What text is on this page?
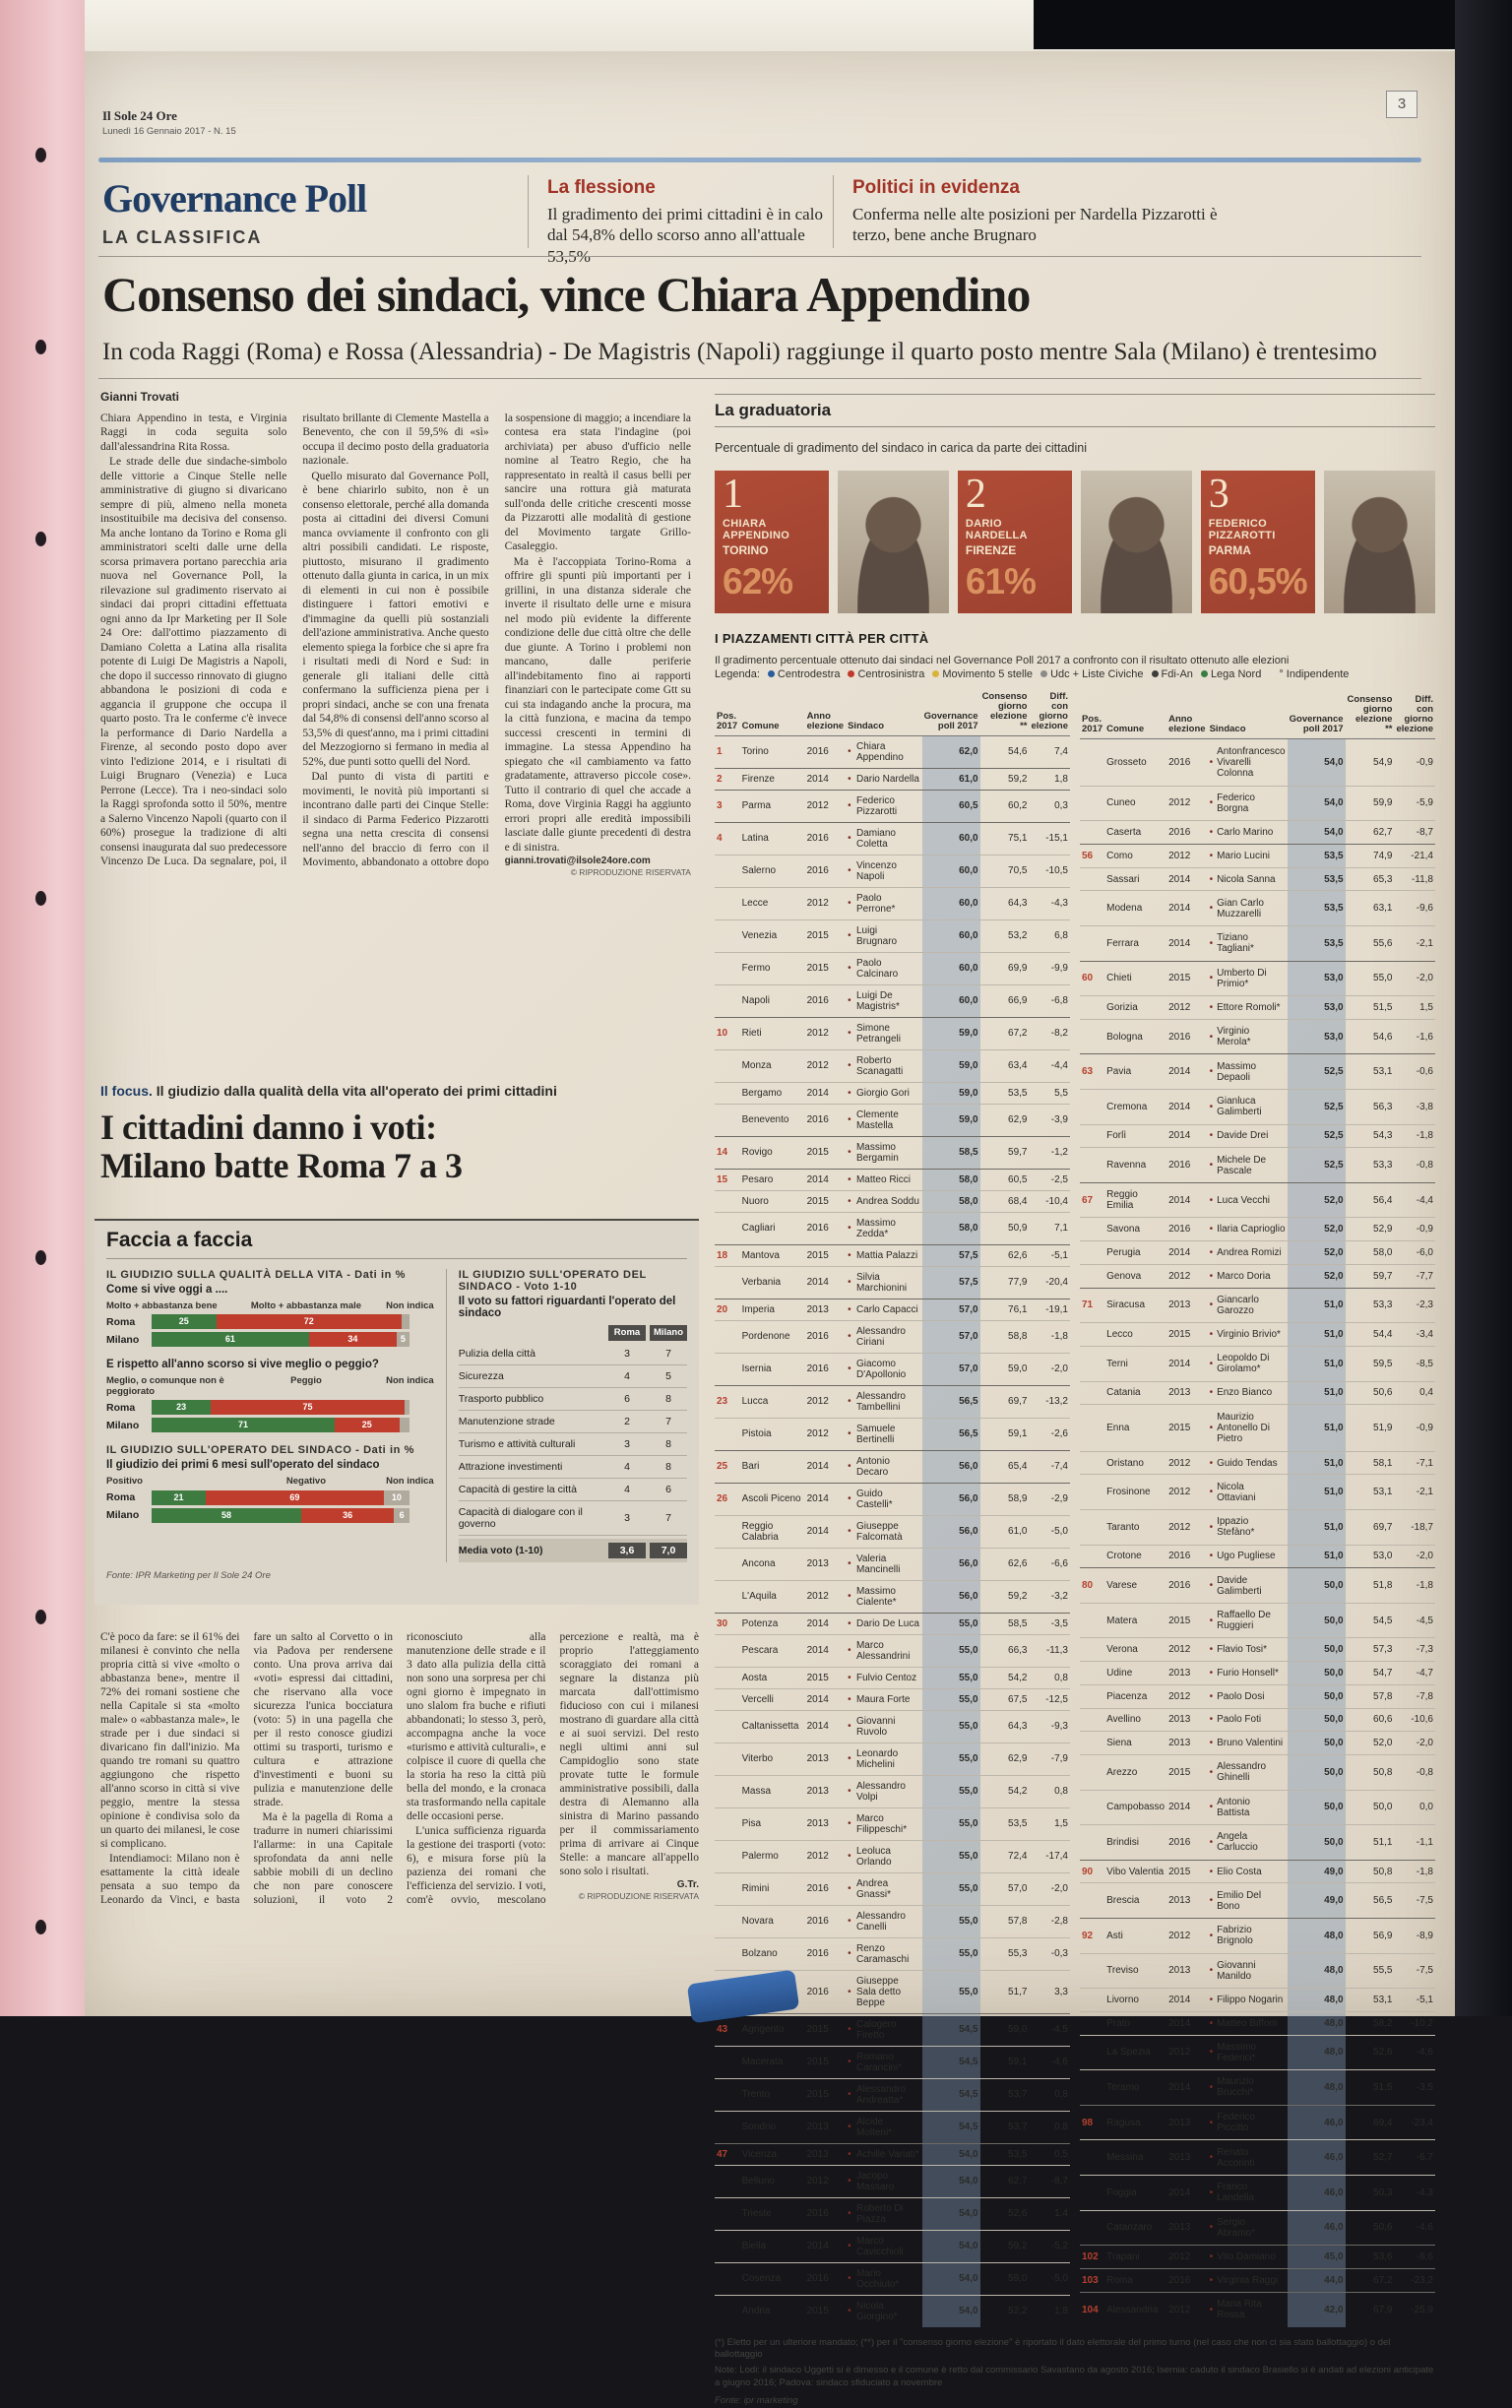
Il Sole 24 Ore
Lunedì 16 Gennaio 2017 - N. 15
3
Governance Poll
LA CLASSIFICA
La flessione
Il gradimento dei primi cittadini è in calo dal 54,8% dello scorso anno all'attuale 53,5%
Politici in evidenza
Conferma nelle alte posizioni per Nardella Pizzarotti è terzo, bene anche Brugnaro
Consenso dei sindaci, vince Chiara Appendino
In coda Raggi (Roma) e Rossa (Alessandria) - De Magistris (Napoli) raggiunge il quarto posto mentre Sala (Milano) è trentesimo
Gianni Trovati

Chiara Appendino in testa, e Virginia Raggi in coda seguita solo dall'alessandrina Rita Rossa.

Le strade delle due sindache-simbolo delle vittorie a Cinque Stelle nelle amministrative di giugno si divaricano sempre di più, almeno nella moneta insostituibile ma decisiva del consenso. Ma anche lontano da Torino e Roma gli amministratori scelti dalle urne della scorsa primavera portano parecchia aria nuova nel Governance Poll, la rilevazione sul gradimento riservato ai sindaci dai propri cittadini effettuata ogni anno da Ipr Marketing per Il Sole 24 Ore: dall'ottimo piazzamento di Damiano Coletta a Latina alla risalita potente di Luigi De Magistris a Napoli, che dopo il successo rinnovato di giugno abbandona le posizioni di coda e aggancia il gruppone che occupa il quarto posto. Tra le conferme c'è invece la performance di Dario Nardella a Firenze, al secondo posto dopo aver vinto l'edizione 2014, e i risultati di Luigi Brugnaro (Venezia) e Luca Perrone (Lecce). Tra i neo-sindaci solo la Raggi sprofonda sotto il 50%, mentre a Salerno Vincenzo Napoli (quarto con il 60%) prosegue la tradizione di alti consensi inaugurata dal suo predecessore Vincenzo De Luca. Da segnalare, poi, il risultato brillante di Clemente Mastella a Benevento, che con il 59,5% di «sì» occupa il decimo posto della graduatoria nazionale.

Quello misurato dal Governance Poll, è bene chiarirlo subito, non è un consenso elettorale, perché alla domanda posta ai cittadini dei diversi Comuni manca ovviamente il confronto con gli altri possibili candidati. Le risposte, piuttosto, misurano il gradimento ottenuto dalla giunta in carica, in un mix di elementi in cui non è possibile distinguere i fattori emotivi e d'immagine da quelli più sostanziali dell'azione amministrativa. Anche questo elemento spiega la forbice che si apre fra i risultati medi di Nord e Sud: in generale gli italiani delle città confermano la sufficienza piena per i propri sindaci, anche se con una frenata dal 54,8% di consensi dell'anno scorso al 53,5% di quest'anno, ma i primi cittadini del Mezzogiorno si fermano in media al 52%, due punti sotto quelli del Nord.

Dal punto di vista di partiti e movimenti, le novità più importanti si incontrano dalle parti dei Cinque Stelle: il sindaco di Parma Federico Pizzarotti segna una netta crescita di consensi nell'anno del braccio di ferro con il Movimento, abbandonato a ottobre dopo la sospensione di maggio; a incendiare la contesa era stata l'indagine (poi archiviata) per abuso d'ufficio nelle nomine al Teatro Regio, che ha rappresentato in realtà il casus belli per sancire una rottura già maturata sull'onda delle critiche crescenti mosse da Pizzarotti alle modalità di gestione del Movimento targate Grillo-Casaleggio.

Ma è l'accoppiata Torino-Roma a offrire gli spunti più importanti per i grillini, in una distanza siderale che inverte il risultato delle urne e misura nel modo più evidente la differente condizione delle due città oltre che delle due giunte. A Torino i problemi non mancano, dalle periferie all'indebitamento fino ai rapporti finanziari con le partecipate come Gtt su cui sta indagando anche la procura, ma la città funziona, e macina da tempo successi crescenti in termini di immagine. La stessa Appendino ha spiegato che «il cambiamento va fatto gradatamente, attraverso piccole cose». Tutto il contrario di quel che accade a Roma, dove Virginia Raggi ha aggiunto errori propri alle eredità impossibili lasciate dalle giunte precedenti di destra e di sinistra.

gianni.trovati@ilsole24ore.com

© RIPRODUZIONE RISERVATA

La graduatoria
Percentuale di gradimento del sindaco in carica da parte dei cittadini
1
CHIARA
APPENDINO
TORINO
62%
2
DARIO
NARDELLA
FIRENZE
61%
3
FEDERICO
PIZZAROTTI
PARMA
60,5%
I PIAZZAMENTI CITTÀ PER CITTÀ
Il gradimento percentuale ottenuto dai sindaci nel Governance Poll 2017 a confronto con il risultato ottenuto alle elezioni
Legenda: Centrodestra Centrosinistra Movimento 5 stelle Udc + Liste Civiche Fdi-An Lega Nord ° Indipendente
Pos. 2017	Comune	Anno elezione	Sindaco		Governance poll 2017	Consenso giorno elezione **	Diff. con giorno elezione
1	Torino	2016	•	Chiara Appendino	62,0	54,6	7,4
2	Firenze	2014	•	Dario Nardella	61,0	59,2	1,8
3	Parma	2012	•	Federico Pizzarotti	60,5	60,2	0,3
4	Latina	2016	•	Damiano Coletta	60,0	75,1	-15,1
	Salerno	2016	•	Vincenzo Napoli	60,0	70,5	-10,5
	Lecce	2012	•	Paolo Perrone*	60,0	64,3	-4,3
	Venezia	2015	•	Luigi Brugnaro	60,0	53,2	6,8
	Fermo	2015	•	Paolo Calcinaro	60,0	69,9	-9,9
	Napoli	2016	•	Luigi De Magistris*	60,0	66,9	-6,8
10	Rieti	2012	•	Simone Petrangeli	59,0	67,2	-8,2
	Monza	2012	•	Roberto Scanagatti	59,0	63,4	-4,4
	Bergamo	2014	•	Giorgio Gori	59,0	53,5	5,5
	Benevento	2016	•	Clemente Mastella	59,0	62,9	-3,9
14	Rovigo	2015	•	Massimo Bergamin	58,5	59,7	-1,2
15	Pesaro	2014	•	Matteo Ricci	58,0	60,5	-2,5
	Nuoro	2015	•	Andrea Soddu	58,0	68,4	-10,4
	Cagliari	2016	•	Massimo Zedda*	58,0	50,9	7,1
18	Mantova	2015	•	Mattia Palazzi	57,5	62,6	-5,1
	Verbania	2014	•	Silvia Marchionini	57,5	77,9	-20,4
20	Imperia	2013	•	Carlo Capacci	57,0	76,1	-19,1
	Pordenone	2016	•	Alessandro Ciriani	57,0	58,8	-1,8
	Isernia	2016	•	Giacomo D'Apollonio	57,0	59,0	-2,0
23	Lucca	2012	•	Alessandro Tambellini	56,5	69,7	-13,2
	Pistoia	2012	•	Samuele Bertinelli	56,5	59,1	-2,6
25	Bari	2014	•	Antonio Decaro	56,0	65,4	-7,4
26	Ascoli Piceno	2014	•	Guido Castelli*	56,0	58,9	-2,9
	Reggio Calabria	2014	•	Giuseppe Falcomatà	56,0	61,0	-5,0
	Ancona	2013	•	Valeria Mancinelli	56,0	62,6	-6,6
	L'Aquila	2012	•	Massimo Cialente*	56,0	59,2	-3,2
30	Potenza	2014	•	Dario De Luca	55,0	58,5	-3,5
	Pescara	2014	•	Marco Alessandrini	55,0	66,3	-11,3
	Aosta	2015	•	Fulvio Centoz	55,0	54,2	0,8
	Vercelli	2014	•	Maura Forte	55,0	67,5	-12,5
	Caltanissetta	2014	•	Giovanni Ruvolo	55,0	64,3	-9,3
	Viterbo	2013	•	Leonardo Michelini	55,0	62,9	-7,9
	Massa	2013	•	Alessandro Volpi	55,0	54,2	0,8
	Pisa	2013	•	Marco Filippeschi*	55,0	53,5	1,5
	Palermo	2012	•	Leoluca Orlando	55,0	72,4	-17,4
	Rimini	2016	•	Andrea Gnassi*	55,0	57,0	-2,0
	Novara	2016	•	Alessandro Canelli	55,0	57,8	-2,8
	Bolzano	2016	•	Renzo Caramaschi	55,0	55,3	-0,3
		2016	•	Giuseppe Sala detto Beppe	55,0	51,7	3,3
43	Agrigento	2015	•	Calogero Firetto	54,5	59,0	-4,5
	Macerata	2015	•	Romano Carancini*	54,5	59,1	-4,6
	Trento	2015	•	Alessandro Andreatta*	54,5	53,7	0,8
	Sondrio	2013	•	Alcide Molteni*	54,5	53,7	0,8
47	Vicenza	2013	•	Achille Variati*	54,0	53,5	0,5
	Belluno	2012	•	Jacopo Massaro	54,0	62,7	-8,7
	Trieste	2016	•	Roberto Di Piazza	54,0	52,6	1,4
	Biella	2014	•	Marco Cavicchioli	54,0	59,2	-5,2
	Cosenza	2016	•	Mario Occhiuto*	54,0	59,0	-5,0
	Andria	2015	•	Nicola Giorgino*	54,0	52,2	1,8
Pos. 2017	Comune	Anno elezione	Sindaco		Governance poll 2017	Consenso giorno elezione **	Diff. con giorno elezione
	Grosseto	2016	•	Antonfrancesco Vivarelli Colonna	54,0	54,9	-0,9
	Cuneo	2012	•	Federico Borgna	54,0	59,9	-5,9
	Caserta	2016	•	Carlo Marino	54,0	62,7	-8,7
56	Como	2012	•	Mario Lucini	53,5	74,9	-21,4
	Sassari	2014	•	Nicola Sanna	53,5	65,3	-11,8
	Modena	2014	•	Gian Carlo Muzzarelli	53,5	63,1	-9,6
	Ferrara	2014	•	Tiziano Tagliani*	53,5	55,6	-2,1
60	Chieti	2015	•	Umberto Di Primio*	53,0	55,0	-2,0
	Gorizia	2012	•	Ettore Romoli*	53,0	51,5	1,5
	Bologna	2016	•	Virginio Merola*	53,0	54,6	-1,6
63	Pavia	2014	•	Massimo Depaoli	52,5	53,1	-0,6
	Cremona	2014	•	Gianluca Galimberti	52,5	56,3	-3,8
	Forlì	2014	•	Davide Drei	52,5	54,3	-1,8
	Ravenna	2016	•	Michele De Pascale	52,5	53,3	-0,8
67	Reggio Emilia	2014	•	Luca Vecchi	52,0	56,4	-4,4
	Savona	2016	•	Ilaria Caprioglio	52,0	52,9	-0,9
	Perugia	2014	•	Andrea Romizi	52,0	58,0	-6,0
	Genova	2012	•	Marco Doria	52,0	59,7	-7,7
71	Siracusa	2013	•	Giancarlo Garozzo	51,0	53,3	-2,3
	Lecco	2015	•	Virginio Brivio*	51,0	54,4	-3,4
	Terni	2014	•	Leopoldo Di Girolamo*	51,0	59,5	-8,5
	Catania	2013	•	Enzo Bianco	51,0	50,6	0,4
	Enna	2015	•	Maurizio Antonello Di Pietro	51,0	51,9	-0,9
	Oristano	2012	•	Guido Tendas	51,0	58,1	-7,1
	Frosinone	2012	•	Nicola Ottaviani	51,0	53,1	-2,1
	Taranto	2012	•	Ippazio Stefàno*	51,0	69,7	-18,7
	Crotone	2016	•	Ugo Pugliese	51,0	53,0	-2,0
80	Varese	2016	•	Davide Galimberti	50,0	51,8	-1,8
	Matera	2015	•	Raffaello De Ruggieri	50,0	54,5	-4,5
	Verona	2012	•	Flavio Tosi*	50,0	57,3	-7,3
	Udine	2013	•	Furio Honsell*	50,0	54,7	-4,7
	Piacenza	2012	•	Paolo Dosi	50,0	57,8	-7,8
	Avellino	2013	•	Paolo Foti	50,0	60,6	-10,6
	Siena	2013	•	Bruno Valentini	50,0	52,0	-2,0
	Arezzo	2015	•	Alessandro Ghinelli	50,0	50,8	-0,8
	Campobasso	2014	•	Antonio Battista	50,0	50,0	0,0
	Brindisi	2016	•	Angela Carluccio	50,0	51,1	-1,1
90	Vibo Valentia	2015	•	Elio Costa	49,0	50,8	-1,8
	Brescia	2013	•	Emilio Del Bono	49,0	56,5	-7,5
92	Asti	2012	•	Fabrizio Brignolo	48,0	56,9	-8,9
	Treviso	2013	•	Giovanni Manildo	48,0	55,5	-7,5
	Livorno	2014	•	Filippo Nogarin	48,0	53,1	-5,1
	Prato	2014	•	Matteo Biffoni	48,0	58,2	-10,2
	La Spezia	2012	•	Massimo Federici*	48,0	52,6	-4,6
	Teramo	2014	•	Maurizio Brucchi*	48,0	51,5	-3,5
98	Ragusa	2013	•	Federico Piccitto	46,0	69,4	-23,4
	Messina	2013	•	Renato Accorinti	46,0	52,7	-6,7
	Foggia	2014	•	Franco Landella	46,0	50,3	-4,3
	Catanzaro	2013	•	Sergio Abramo*	46,0	50,6	-4,6
102	Trapani	2012	•	Vito Damiano	45,0	53,6	-8,6
103	Roma	2016	•	Virginia Raggi	44,0	67,2	-23,2
104	Alessandria	2012	•	Maria Rita Rossa	42,0	67,9	-25,9
(*) Eletto per un ulteriore mandato; (**) per il "consenso giorno elezione" è riportato il dato elettorale del primo turno (nel caso che non ci sia stato ballottaggio) o del ballottaggio
Note: Lodi: il sindaco Uggetti si è dimesso e il comune è retto dal commissario Savastano da agosto 2016; Isernia: caduto il sindaco Brasiello si è andati ad elezioni anticipate a giugno 2016; Padova: sindaco sfiduciato a novembre
Fonte: ipr marketing
Il focus. Il giudizio dalla qualità della vita all'operato dei primi cittadini
I cittadini danno i voti:
Milano batte Roma 7 a 3
Faccia a faccia
IL GIUDIZIO SULLA QUALITÀ DELLA VITA - Dati in %
Come si vive oggi a ....
Molto + abbastanza bene	Molto + abbastanza male	Non indica
Roma	25	72
Milano	61	34	5
E rispetto all'anno scorso si vive meglio o peggio?
Meglio, o comunque non è peggiorato
Peggio	Non indica
Roma	23	75
Milano	71	25
IL GIUDIZIO SULL'OPERATO DEL SINDACO - Dati in %
Il giudizio dei primi 6 mesi sull'operato del sindaco
Positivo	Negativo	Non indica
Roma	21	69	10
Milano	58	36	6
IL GIUDIZIO SULL'OPERATO DEL SINDACO - Voto 1-10
Il voto su fattori riguardanti l'operato del sindaco
Roma	Milano
Pulizia della città	3	7
Sicurezza	4	5
Trasporto pubblico	6	8
Manutenzione strade	2	7
Turismo e attività culturali	3	8
Attrazione investimenti	4	8
Capacità di gestire la città	4	6
Capacità di dialogare con il governo	3	7
Media voto (1-10)	3,6	7,0
Fonte: IPR Marketing per Il Sole 24 Ore

C'è poco da fare: se il 61% dei milanesi è convinto che nella propria città si vive «molto o abbastanza bene», mentre il 72% dei romani sostiene che nella Capitale si sta «molto male» o «abbastanza male», le strade per i due sindaci si divaricano fin dall'inizio. Ma quando tre romani su quattro aggiungono che rispetto all'anno scorso in città si vive peggio, mentre la stessa opinione è condivisa solo da un quarto dei milanesi, le cose si complicano.

Intendiamoci: Milano non è esattamente la città ideale pensata a suo tempo da Leonardo da Vinci, e basta fare un salto al Corvetto o in via Padova per rendersene conto. Una prova arriva dai «voti» espressi dai cittadini, che riservano alla voce sicurezza l'unica bocciatura (voto: 5) in una pagella che per il resto conosce giudizi ottimi su trasporti, turismo e cultura e attrazione d'investimenti e buoni su pulizia e manutenzione delle strade.

Ma è la pagella di Roma a tradurre in numeri chiarissimi l'allarme: in una Capitale sprofondata da anni nelle sabbie mobili di un declino che non pare conoscere soluzioni, il voto 2 riconosciuto alla manutenzione delle strade e il 3 dato alla pulizia della città non sono una sorpresa per chi ogni giorno è impegnato in uno slalom fra buche e rifiuti abbandonati; lo stesso 3, però, accompagna anche la voce «turismo e attività culturali», e colpisce il cuore di quella che la storia ha reso la città più bella del mondo, e la cronaca sta trasformando nella capitale delle occasioni perse.

L'unica sufficienza riguarda la gestione dei trasporti (voto: 6), e misura forse più la pazienza dei romani che l'efficienza del servizio. I voti, com'è ovvio, mescolano percezione e realtà, ma è proprio l'atteggiamento scoraggiato dei romani a segnare la distanza più marcata dall'ottimismo fiducioso con cui i milanesi mostrano di guardare alla città e ai suoi servizi. Del resto negli ultimi anni sul Campidoglio sono state provate tutte le formule amministrative possibili, dalla destra di Alemanno alla sinistra di Marino passando per il commissariamento prima di arrivare ai Cinque Stelle: a mancare all'appello sono solo i risultati.

G.Tr.

© RIPRODUZIONE RISERVATA
